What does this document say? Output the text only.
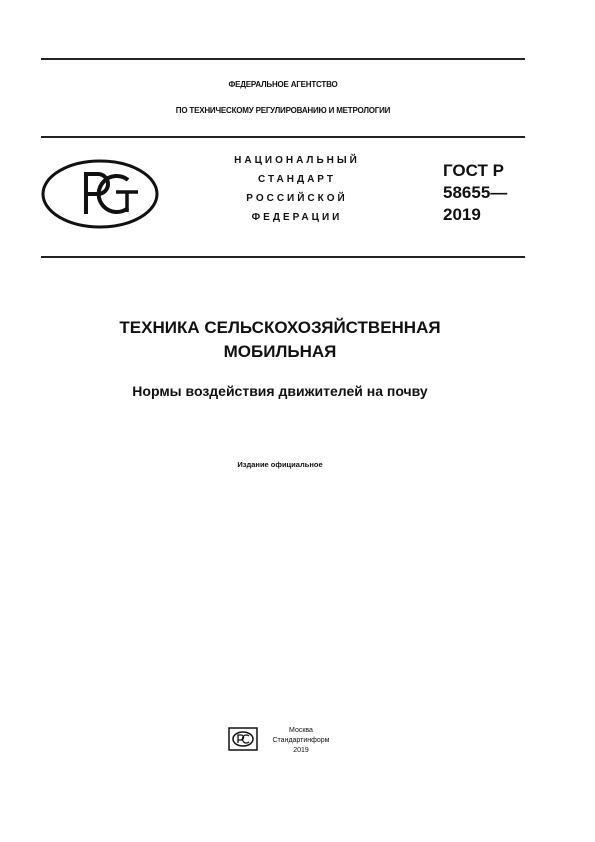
ФЕДЕРАЛЬНОЕ АГЕНТСТВО
ПО ТЕХНИЧЕСКОМУ РЕГУЛИРОВАНИЮ И МЕТРОЛОГИИ
НАЦИОНАЛЬНЫЙ
СТАНДАРТ
РОССИЙСКОЙ
ФЕДЕРАЦИИ
ГОСТ Р
58655—
2019
ТЕХНИКА СЕЛЬСКОХОЗЯЙСТВЕННАЯ
МОБИЛЬНАЯ
Нормы воздействия движителей на почву
Издание официальное
Москва
Стандартинформ
2019
